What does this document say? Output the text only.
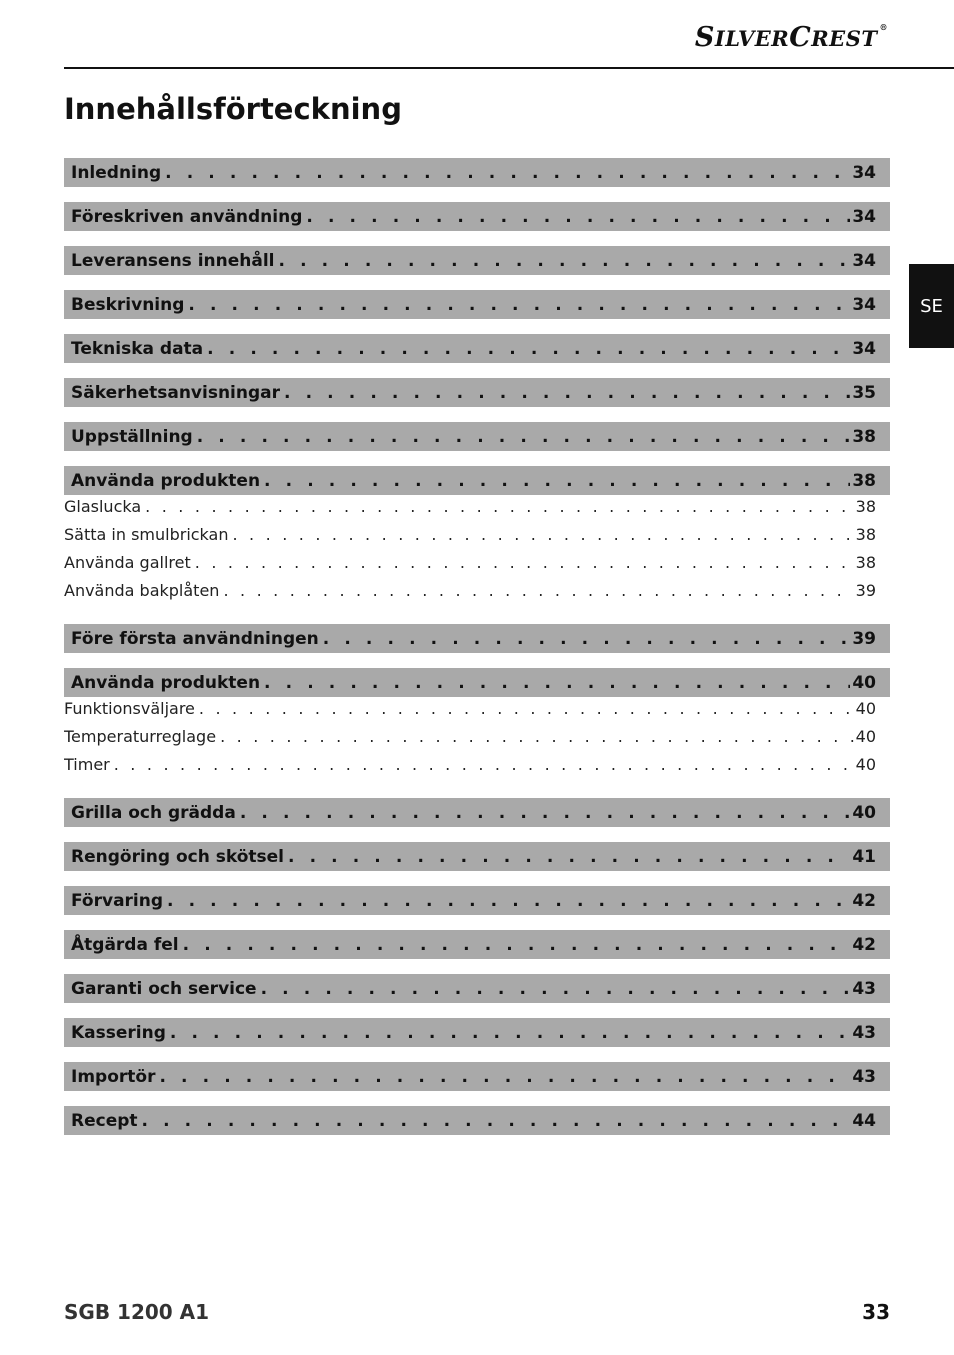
SILVERCREST ®
Innehållsförteckning
SE
Inledning . . .	34
Föreskriven användning . . .	34
Leveransens innehåll . . .	34
Beskrivning . . .	34
Tekniska data . . .	34
Säkerhetsanvisningar . . .	35
Uppställning . . .	38
Använda produkten . . .	38
Glaslucka . . .	38
Sätta in smulbrickan . . .	38
Använda gallret . . .	38
Använda bakplåten . . .	39
Före första användningen . . .	39
Använda produkten . . .	40
Funktionsväljare . . .	40
Temperaturreglage . . .	40
Timer . . .	40
Grilla och grädda . . .	40
Rengöring och skötsel . . .	41
Förvaring . . .	42
Åtgärda fel . . .	42
Garanti och service . . .	43
Kassering . . .	43
Importör . . .	43
Recept . . .	44
SGB 1200 A1	33
